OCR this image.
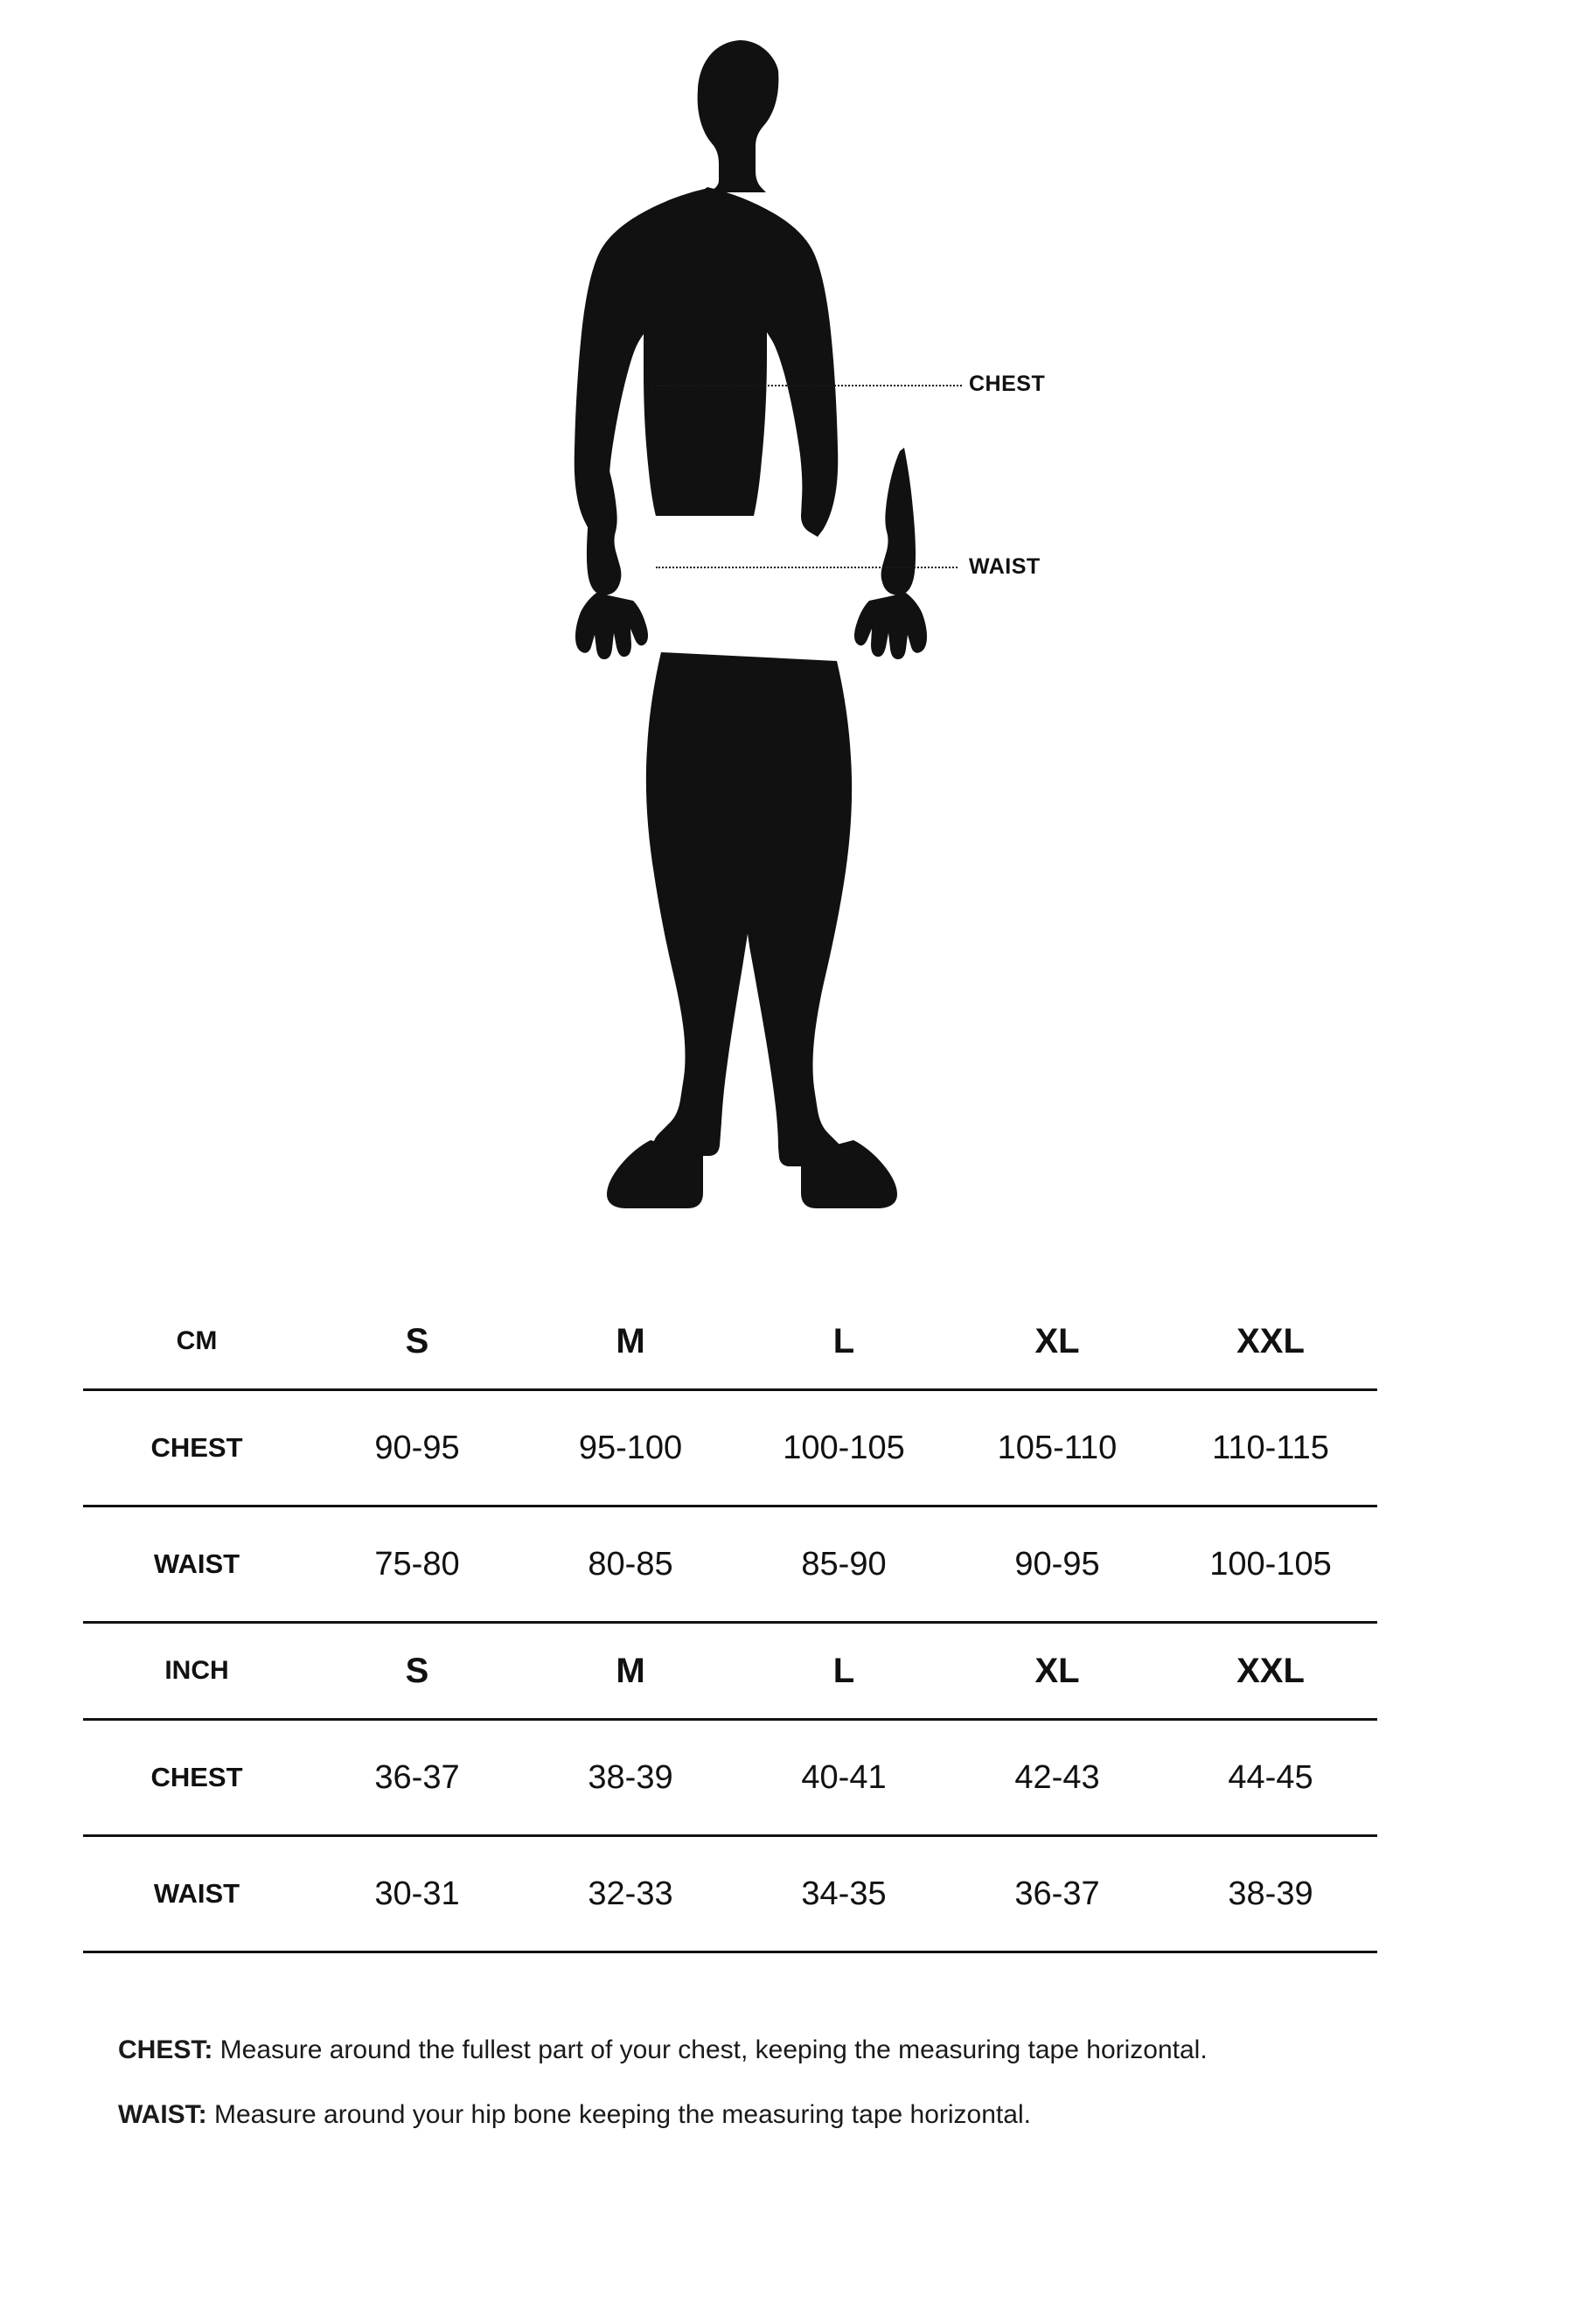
CHEST
WAIST
CM	S	M	L	XL	XXL
CHEST	90-95	95-100	100-105	105-110	110-115
WAIST	75-80	80-85	85-90	90-95	100-105
INCH	S	M	L	XL	XXL
CHEST	36-37	38-39	40-41	42-43	44-45
WAIST	30-31	32-33	34-35	36-37	38-39
CHEST: Measure around the fullest part of your chest, keeping the measuring tape horizontal.
WAIST: Measure around your hip bone keeping the measuring tape horizontal.
